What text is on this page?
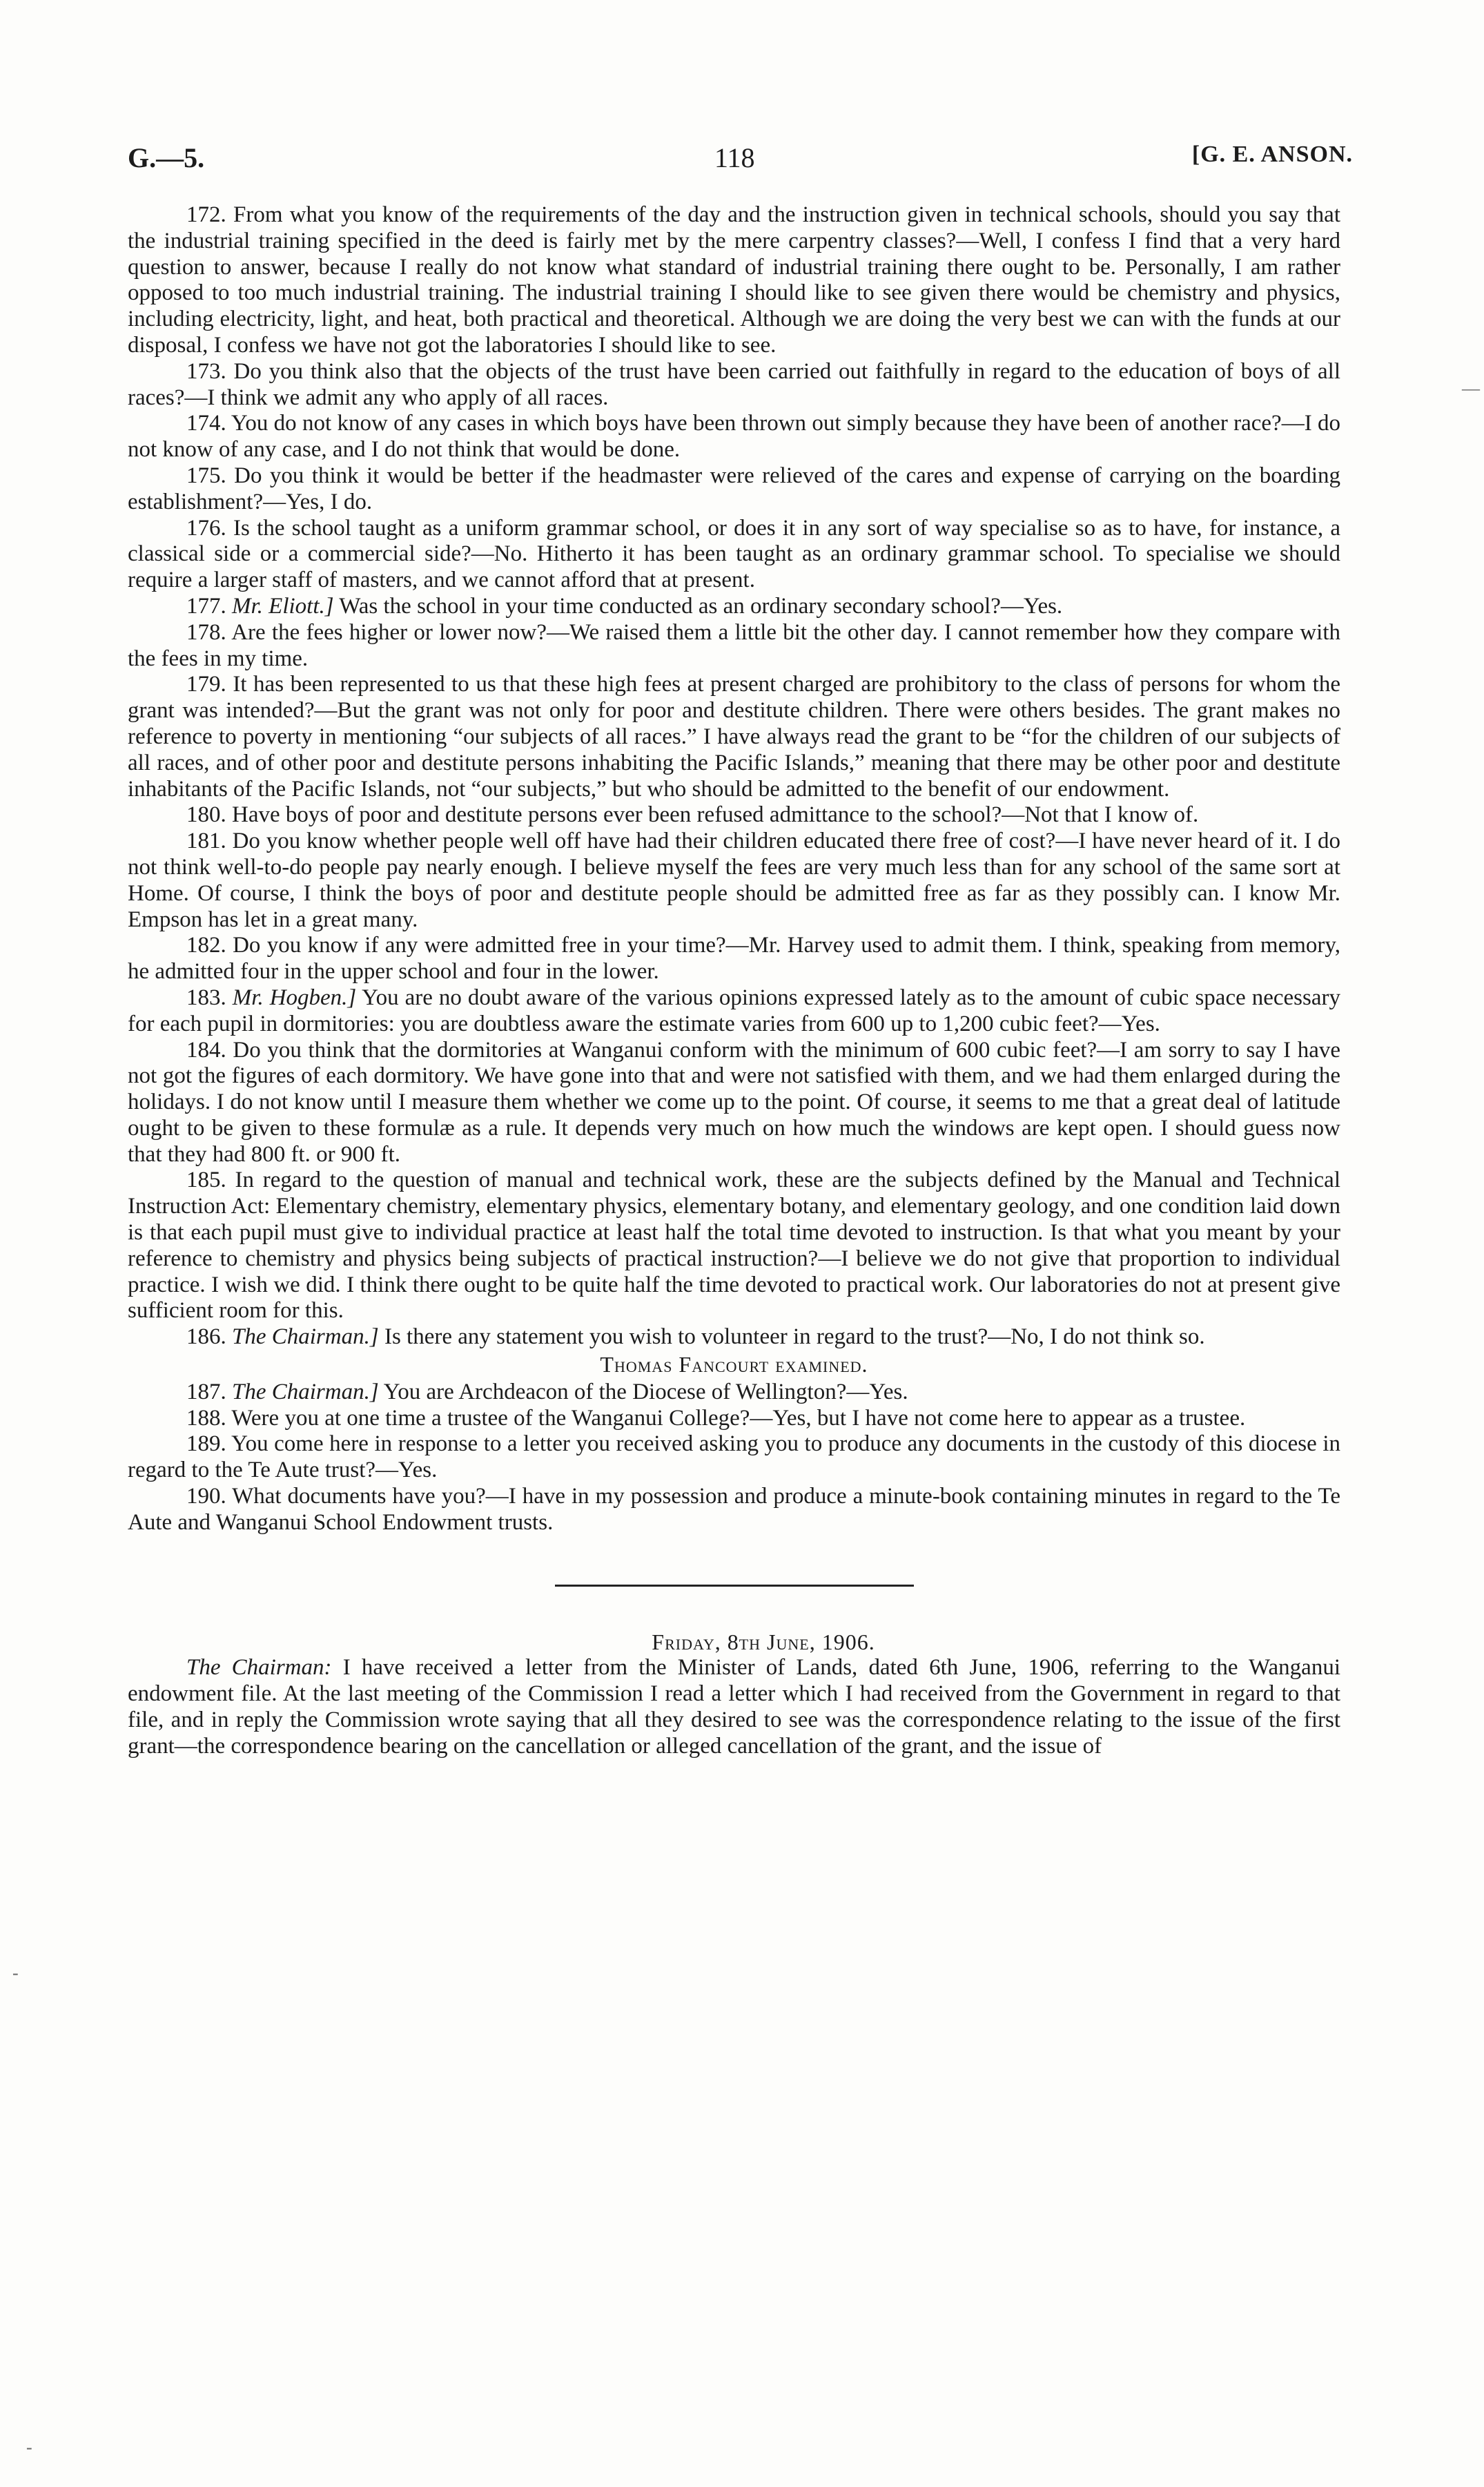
G.—5.	118	[G. E. ANSON.
—
-
-

172. From what you know of the requirements of the day and the instruction given in technical schools, should you say that the industrial training specified in the deed is fairly met by the mere carpentry classes?—Well, I confess I find that a very hard question to answer, because I really do not know what standard of industrial training there ought to be. Personally, I am rather opposed to too much industrial training. The industrial training I should like to see given there would be chemistry and physics, including electricity, light, and heat, both practical and theoretical. Although we are doing the very best we can with the funds at our disposal, I confess we have not got the laboratories I should like to see.

173. Do you think also that the objects of the trust have been carried out faithfully in regard to the education of boys of all races?—I think we admit any who apply of all races.

174. You do not know of any cases in which boys have been thrown out simply because they have been of another race?—I do not know of any case, and I do not think that would be done.

175. Do you think it would be better if the headmaster were relieved of the cares and expense of carrying on the boarding establishment?—Yes, I do.

176. Is the school taught as a uniform grammar school, or does it in any sort of way specialise so as to have, for instance, a classical side or a commercial side?—No. Hitherto it has been taught as an ordinary grammar school. To specialise we should require a larger staff of masters, and we cannot afford that at present.

177. Mr. Eliott.] Was the school in your time conducted as an ordinary secondary school?—Yes.

178. Are the fees higher or lower now?—We raised them a little bit the other day. I cannot remember how they compare with the fees in my time.

179. It has been represented to us that these high fees at present charged are prohibitory to the class of persons for whom the grant was intended?—But the grant was not only for poor and destitute children. There were others besides. The grant makes no reference to poverty in mentioning “our subjects of all races.” I have always read the grant to be “for the children of our subjects of all races, and of other poor and destitute persons inhabiting the Pacific Islands,” meaning that there may be other poor and destitute inhabitants of the Pacific Islands, not “our subjects,” but who should be admitted to the benefit of our endowment.

180. Have boys of poor and destitute persons ever been refused admittance to the school?—Not that I know of.

181. Do you know whether people well off have had their children educated there free of cost?—I have never heard of it. I do not think well-to-do people pay nearly enough. I believe myself the fees are very much less than for any school of the same sort at Home. Of course, I think the boys of poor and destitute people should be admitted free as far as they possibly can. I know Mr. Empson has let in a great many.

182. Do you know if any were admitted free in your time?—Mr. Harvey used to admit them. I think, speaking from memory, he admitted four in the upper school and four in the lower.

183. Mr. Hogben.] You are no doubt aware of the various opinions expressed lately as to the amount of cubic space necessary for each pupil in dormitories: you are doubtless aware the estimate varies from 600 up to 1,200 cubic feet?—Yes.

184. Do you think that the dormitories at Wanganui conform with the minimum of 600 cubic feet?—I am sorry to say I have not got the figures of each dormitory. We have gone into that and were not satisfied with them, and we had them enlarged during the holidays. I do not know until I measure them whether we come up to the point. Of course, it seems to me that a great deal of latitude ought to be given to these formulæ as a rule. It depends very much on how much the windows are kept open. I should guess now that they had 800 ft. or 900 ft.

185. In regard to the question of manual and technical work, these are the subjects defined by the Manual and Technical Instruction Act: Elementary chemistry, elementary physics, elementary botany, and elementary geology, and one condition laid down is that each pupil must give to individual practice at least half the total time devoted to instruction. Is that what you meant by your reference to chemistry and physics being subjects of practical instruction?—I believe we do not give that proportion to individual practice. I wish we did. I think there ought to be quite half the time devoted to practical work. Our laboratories do not at present give sufficient room for this.

186. The Chairman.] Is there any statement you wish to volunteer in regard to the trust?—No, I do not think so.

Thomas Fancourt examined.

187. The Chairman.] You are Archdeacon of the Diocese of Wellington?—Yes.

188. Were you at one time a trustee of the Wanganui College?—Yes, but I have not come here to appear as a trustee.

189. You come here in response to a letter you received asking you to produce any documents in the custody of this diocese in regard to the Te Aute trust?—Yes.

190. What documents have you?—I have in my possession and produce a minute-book containing minutes in regard to the Te Aute and Wanganui School Endowment trusts.

Friday, 8th June, 1906.

The Chairman: I have received a letter from the Minister of Lands, dated 6th June, 1906, referring to the Wanganui endowment file. At the last meeting of the Commission I read a letter which I had received from the Government in regard to that file, and in reply the Commission wrote saying that all they desired to see was the correspondence relating to the issue of the first grant—the correspondence bearing on the cancellation or alleged cancellation of the grant, and the issue of
